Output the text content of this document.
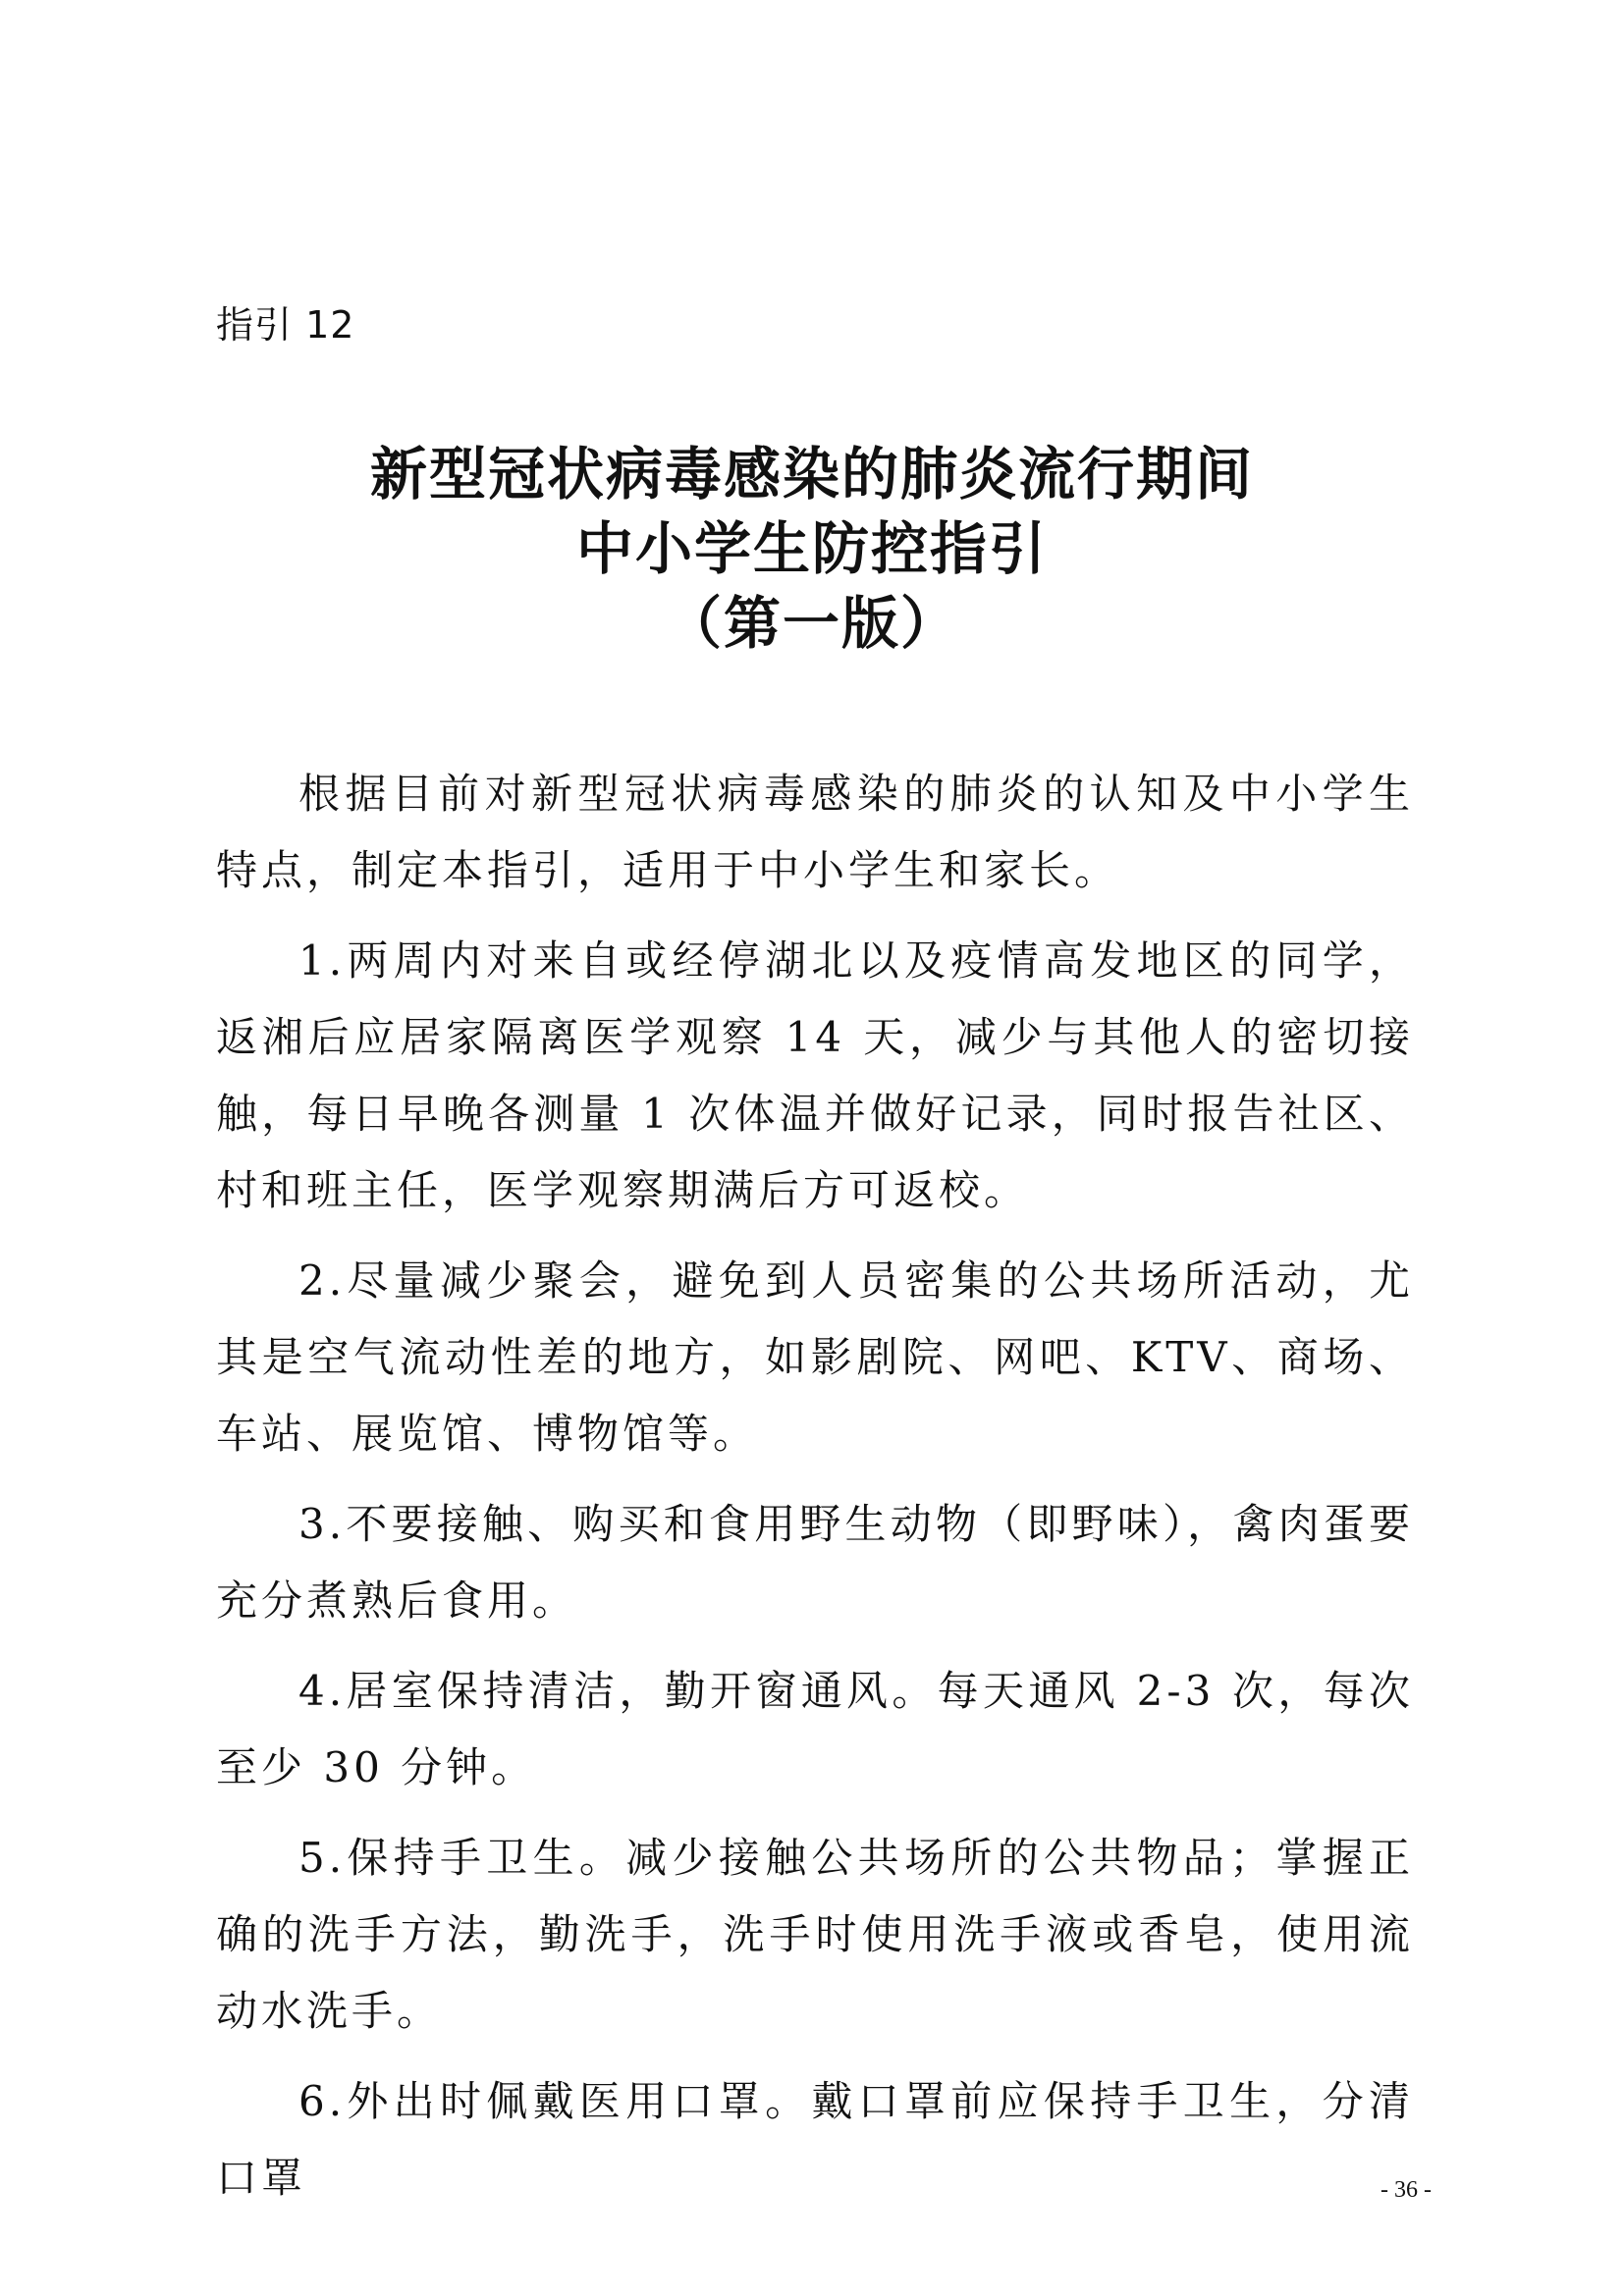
指引 12
新型冠状病毒感染的肺炎流行期间
中小学生防控指引
（第一版）

根据目前对新型冠状病毒感染的肺炎的认知及中小学生特点，制定本指引，适用于中小学生和家长。

1.两周内对来自或经停湖北以及疫情高发地区的同学，返湘后应居家隔离医学观察 14 天，减少与其他人的密切接触，每日早晚各测量 1 次体温并做好记录，同时报告社区、村和班主任，医学观察期满后方可返校。

2.尽量减少聚会，避免到人员密集的公共场所活动，尤其是空气流动性差的地方，如影剧院、网吧、KTV、商场、车站、展览馆、博物馆等。

3.不要接触、购买和食用野生动物（即野味），禽肉蛋要充分煮熟后食用。

4.居室保持清洁，勤开窗通风。每天通风 2-3 次，每次至少 30 分钟。

5.保持手卫生。减少接触公共场所的公共物品；掌握正确的洗手方法，勤洗手，洗手时使用洗手液或香皂，使用流动水洗手。

6.外出时佩戴医用口罩。戴口罩前应保持手卫生，分清口罩	- 36 -
